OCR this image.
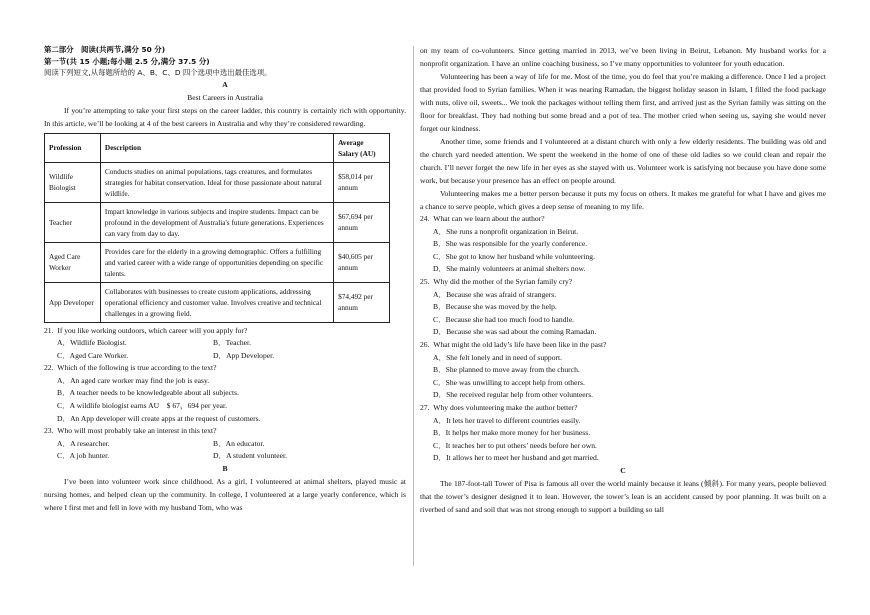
第二部分　阅读(共两节,满分 50 分)
第一节(共 15 小题;每小题 2.5 分,满分 37.5 分)
阅读下列短文,从每题所给的 A、B、C、D 四个选项中选出最佳选项。
A
Best Careers in Australia

If you’re attempting to take your first steps on the career ladder, this country is certainly rich with opportunity. In this article, we’ll be looking at 4 of the best careers in Australia and why they’re considered rewarding.

Profession	Description	Average Salary (AU)
Wildlife Biologist	Conducts studies on animal populations, tags creatures, and formulates strategies for habitat conservation. Ideal for those passionate about natural wildlife.	$58,014 per annum
Teacher	Impart knowledge in various subjects and inspire students. Impact can be profound in the development of Australia's future generations. Experiences can vary from day to day.	$67,694 per annum
Aged Care Worker	Provides care for the elderly in a growing demographic. Offers a fulfilling and varied career with a wide range of opportunities depending on specific talents.	$40,605 per annum
App Developer	Collaborates with businesses to create custom applications, addressing operational efficiency and customer value. Involves creative and technical challenges in a growing field.	$74,492 per annum
21. If you like working outdoors, which career will you apply for?
A．Wildlife Biologist.	B．Teacher.
C．Aged Care Worker.	D．App Developer.
22. Which of the following is true according to the text?
A．An aged care worker may find the job is easy.
B．A teacher needs to be knowledgeable about all subjects.
C．A wildlife biologist earns AU　$ 67，694 per year.
D．An App developer will create apps at the request of customers.
23. Who will most probably take an interest in this text?
A．A researcher.	B．An educator.
C．A job hunter.	D．A student volunteer.
B

I’ve been into volunteer work since childhood. As a girl, I volunteered at animal shelters, played music at nursing homes, and helped clean up the community. In college, I volunteered at a large yearly conference, which is where I first met and fell in love with my husband Tom, who was

on my team of co-volunteers. Since getting married in 2013, we’ve been living in Beirut, Lebanon. My husband works for a nonprofit organization. I have an online coaching business, so I’ve many opportunities to volunteer for youth education.

Volunteering has been a way of life for me. Most of the time, you do feel that you’re making a difference. Once I led a project that provided food to Syrian families. When it was nearing Ramadan, the biggest holiday season in Islam, I filled the food package with nuts, olive oil, sweets... We took the packages without telling them first, and arrived just as the Syrian family was sitting on the floor for breakfast. They had nothing but some bread and a pot of tea. The mother cried when seeing us, saying she would never forget our kindness.

Another time, some friends and I volunteered at a distant church with only a few elderly residents. The building was old and the church yard needed attention. We spent the weekend in the home of one of these old ladies so we could clean and repair the church. I’ll never forget the new life in her eyes as she stayed with us. Volunteer work is satisfying not because you have done some work, but because your presence has an effect on people around.

Volunteering makes me a better person because it puts my focus on others. It makes me grateful for what I have and gives me a chance to serve people, which gives a deep sense of meaning to my life.

24. What can we learn about the author?
A．She runs a nonprofit organization in Beirut.
B．She was responsible for the yearly conference.
C．She got to know her husband while volunteering.
D．She mainly volunteers at animal shelters now.
25. Why did the mother of the Syrian family cry?
A．Because she was afraid of strangers.
B．Because she was moved by the help.
C．Because she had too much food to handle.
D．Because she was sad about the coming Ramadan.
26. What might the old lady’s life have been like in the past?
A．She felt lonely and in need of support.
B．She planned to move away from the church.
C．She was unwilling to accept help from others.
D．She received regular help from other volunteers.
27. Why does volunteering make the author better?
A．It lets her travel to different countries easily.
B．It helps her make more money for her business.
C．It teaches her to put others’ needs before her own.
D．It allows her to meet her husband and get married.
C

The 187-foot-tall Tower of Pisa is famous all over the world mainly because it leans (倾斜). For many years, people believed that the tower’s designer designed it to lean. However, the tower’s lean is an accident caused by poor planning. It was built on a riverbed of sand and soil that was not strong enough to support a building so tall
